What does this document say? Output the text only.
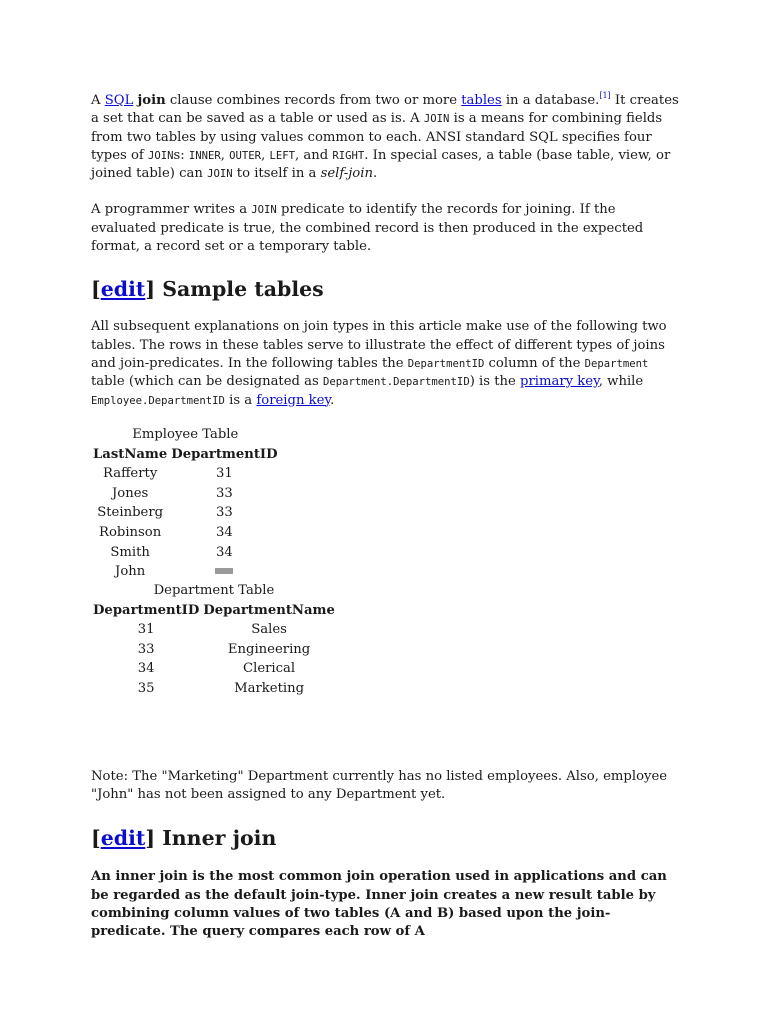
A SQL join clause combines records from two or more tables in a database.[1] It creates a set that can be saved as a table or used as is. A JOIN is a means for combining fields from two tables by using values common to each. ANSI standard SQL specifies four types of JOINs: INNER, OUTER, LEFT, and RIGHT. In special cases, a table (base table, view, or joined table) can JOIN to itself in a self-join.

A programmer writes a JOIN predicate to identify the records for joining. If the evaluated predicate is true, the combined record is then produced in the expected format, a record set or a temporary table.

[edit] Sample tables

All subsequent explanations on join types in this article make use of the following two tables. The rows in these tables serve to illustrate the effect of different types of joins and join-predicates. In the following tables the DepartmentID column of the Department table (which can be designated as Department.DepartmentID) is the primary key, while Employee.DepartmentID is a foreign key.

Employee Table
LastName	DepartmentID
Rafferty	31
Jones	33
Steinberg	33
Robinson	34
Smith	34
John	
Department Table
DepartmentID	DepartmentName
31	Sales
33	Engineering
34	Clerical
35	Marketing

Note: The "Marketing" Department currently has no listed employees. Also, employee "John" has not been assigned to any Department yet.

[edit] Inner join

An inner join is the most common join operation used in applications and can be regarded as the default join-type. Inner join creates a new result table by combining column values of two tables (A and B) based upon the join-predicate. The query compares each row of A
